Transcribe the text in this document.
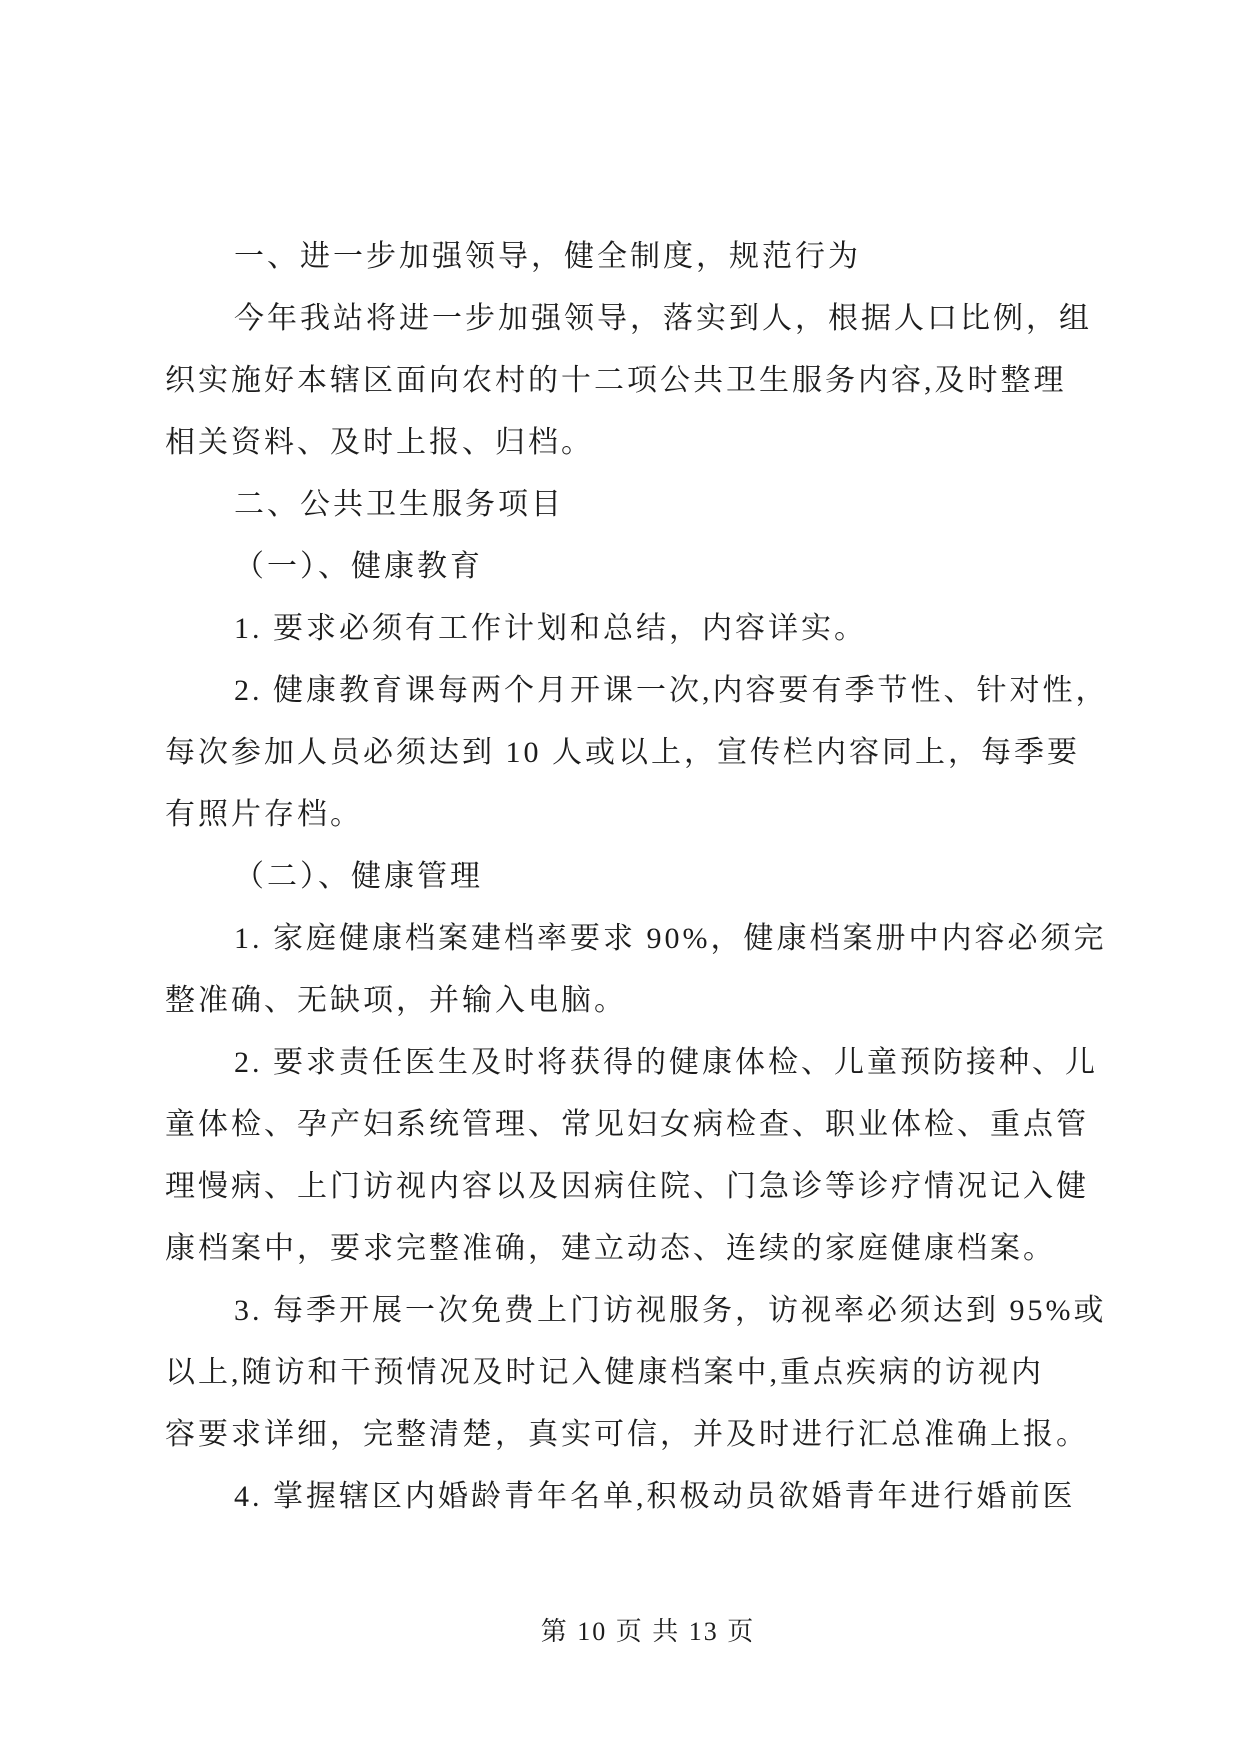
一、进一步加强领导，健全制度，规范行为
今年我站将进一步加强领导，落实到人，根据人口比例，组
织实施好本辖区面向农村的十二项公共卫生服务内容,及时整理
相关资料、及时上报、归档。
二、公共卫生服务项目
（一）、健康教育
1. 要求必须有工作计划和总结，内容详实。
2. 健康教育课每两个月开课一次,内容要有季节性、针对性，
每次参加人员必须达到 10 人或以上，宣传栏内容同上，每季要
有照片存档。
（二）、健康管理
1. 家庭健康档案建档率要求 90%，健康档案册中内容必须完
整准确、无缺项，并输入电脑。
2. 要求责任医生及时将获得的健康体检、儿童预防接种、儿
童体检、孕产妇系统管理、常见妇女病检查、职业体检、重点管
理慢病、上门访视内容以及因病住院、门急诊等诊疗情况记入健
康档案中，要求完整准确，建立动态、连续的家庭健康档案。
3. 每季开展一次免费上门访视服务，访视率必须达到 95%或
以上,随访和干预情况及时记入健康档案中,重点疾病的访视内
容要求详细，完整清楚，真实可信，并及时进行汇总准确上报。
4. 掌握辖区内婚龄青年名单,积极动员欲婚青年进行婚前医
第 10 页 共 13 页
